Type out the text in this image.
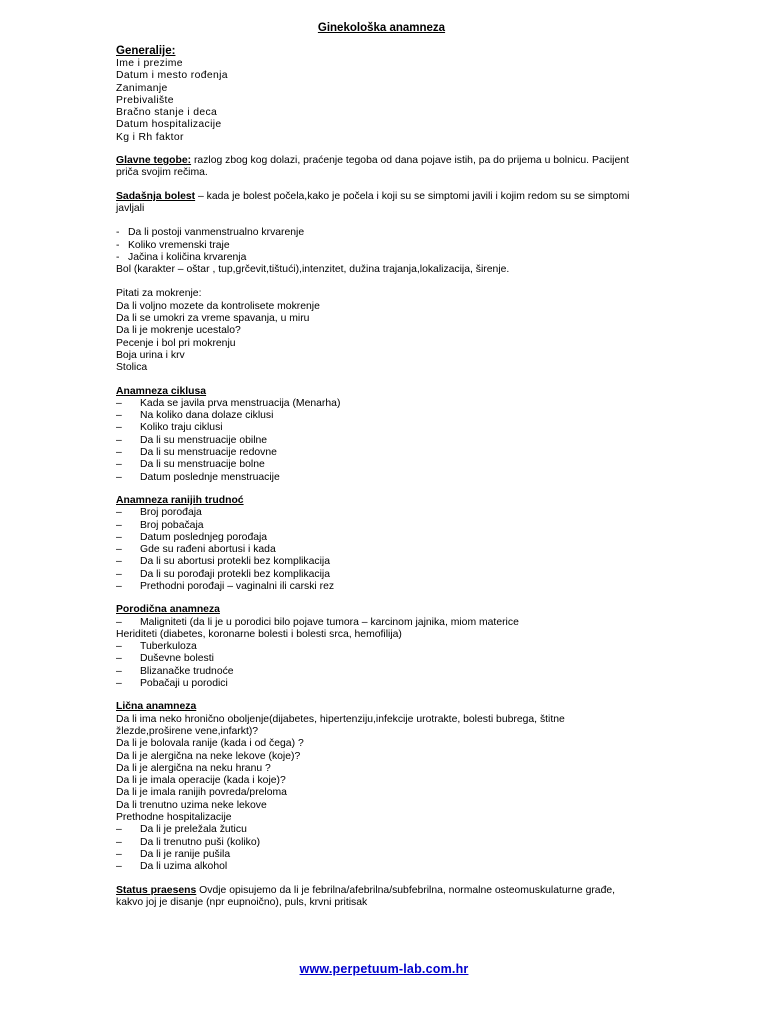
Ginekološka anamneza
Generalije:
Ime i prezime
Datum i mesto rođenja
Zanimanje
Prebivalište
Bračno stanje i deca
Datum hospitalizacije
Kg i Rh faktor
Glavne tegobe: razlog zbog kog dolazi, praćenje tegoba od dana pojave istih, pa do prijema u bolnicu. Pacijent priča svojim rečima.
Sadašnja bolest – kada je bolest počela,kako je počela i koji su se simptomi javili i kojim redom su se simptomi javljali
- Da li postoji vanmenstrualno krvarenje
- Koliko vremenski traje
- Jačina i količina krvarenja
Bol (karakter – oštar , tup,grčevit,tištući),intenzitet, dužina trajanja,lokalizacija, širenje.
Pitati za mokrenje:
Da li voljno mozete da kontrolisete mokrenje
Da li se umokri za vreme spavanja, u miru
Da li je mokrenje ucestalo?
Pecenje i bol pri mokrenju
Boja urina i krv
Stolica
Anamneza ciklusa
–	Kada se javila prva menstruacija (Menarha)
–	Na koliko dana dolaze ciklusi
–	Koliko traju ciklusi
–	Da li su menstruacije obilne
–	Da li su menstruacije redovne
–	Da li su menstruacije bolne
–	Datum poslednje menstruacije
Anamneza ranijih trudnoć
–	Broj porođaja
–	Broj pobačaja
–	Datum poslednjeg porođaja
–	Gde su rađeni abortusi i kada
–	Da li su abortusi protekli bez komplikacija
–	Da li su porođaji protekli bez komplikacija
–	Prethodni porođaji – vaginalni ili carski rez
Porodična anamneza
–	Maligniteti (da li je u porodici bilo pojave tumora – karcinom jajnika, miom materice
Heriditeti (diabetes, koronarne bolesti i bolesti srca, hemofilija)
–	Tuberkuloza
–	Duševne bolesti
–	Blizanačke trudnoće
–	Pobačaji u porodici
Lična anamneza
Da li ima neko hronično oboljenje(dijabetes, hipertenziju,infekcije urotrakte, bolesti bubrega, štitne žlezde,proširene vene,infarkt)?
Da li je bolovala ranije (kada i od čega) ?
Da li je alergična na neke lekove (koje)?
Da li je alergična na neku hranu ?
Da li je imala operacije (kada i koje)?
Da li je imala ranijih povreda/preloma
Da li trenutno uzima neke lekove
Prethodne hospitalizacije
–	Da li je preležala žuticu
–	Da li trenutno puši (koliko)
–	Da li je ranije pušila
–	Da li uzima alkohol
Status praesens Ovdje opisujemo da li je febrilna/afebrilna/subfebrilna, normalne osteomuskulaturne građe, kakvo joj je disanje (npr eupnoično), puls, krvni pritisak
www.perpetuum-lab.com.hr
